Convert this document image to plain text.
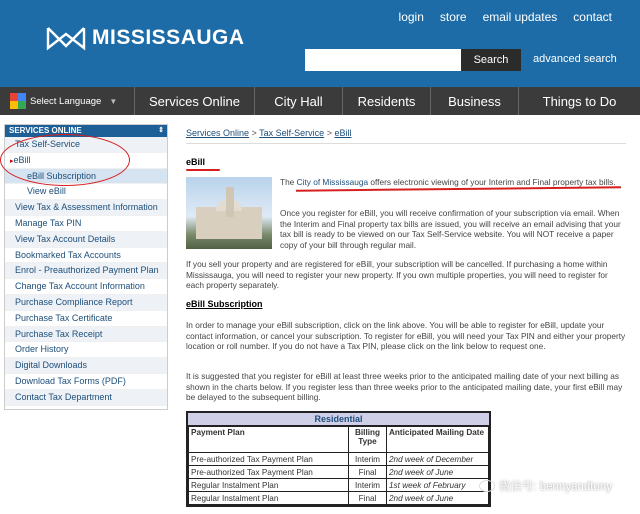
MISSISSAUGA
login store email updates contact
Search	advanced search
Select Language ▼	Services Online	City Hall	Residents	Business	Things to Do
SERVICES ONLINE	⇕
Tax Self-Service
▸eBill
eBill Subscription
View eBill
View Tax & Assessment Information
Manage Tax PIN
View Tax Account Details
Bookmarked Tax Accounts
Enrol - Preauthorized Payment Plan
Change Tax Account Information
Purchase Compliance Report
Purchase Tax Certificate
Purchase Tax Receipt
Order History
Digital Downloads
Download Tax Forms (PDF)
Contact Tax Department
Services Online > Tax Self-Service > eBill
eBill
The City of Mississauga offers electronic viewing of your Interim and Final property tax bills.
Once you register for eBill, you will receive confirmation of your subscription via email. When the Interim and Final property tax bills are issued, you will receive an email advising that your tax bill is ready to be viewed on our Tax Self-Service website. You will NOT receive a paper copy of your bill through regular mail.
If you sell your property and are registered for eBill, your subscription will be cancelled. If purchasing a home within Mississauga, you will need to register your new property. If you own multiple properties, you will need to register for each property separately.
eBill Subscription
In order to manage your eBill subscription, click on the link above. You will be able to register for eBill, update your contact information, or cancel your subscription. To register for eBill, you will need your Tax PIN and either your property location or roll number. If you do not have a Tax PIN, please click on the link below to request one.
It is suggested that you register for eBill at least three weeks prior to the anticipated mailing date of your next billing as shown in the charts below. If you register less than three weeks prior to the anticipated mailing date, your first eBill may be delayed to the subsequent billing.
Residential
Payment Plan	Billing Type	Anticipated Mailing Date
Pre-authorized Tax Payment Plan	Interim	2nd week of December
Pre-authorized Tax Payment Plan	Final	2nd week of June
Regular Instalment Plan	Interim	1st week of February
Regular Instalment Plan	Final	2nd week of June
微信号: bennyandtony
